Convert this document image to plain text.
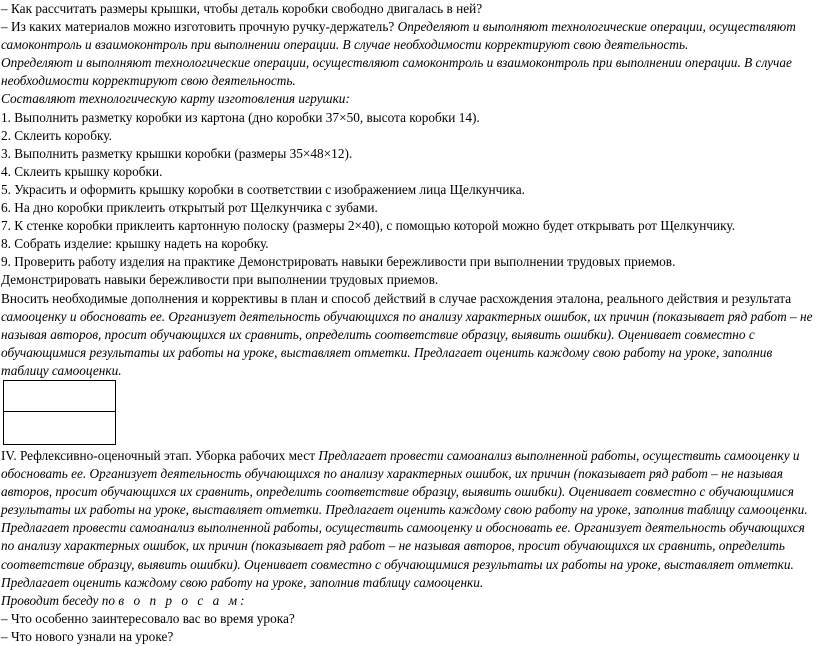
– Как рассчитать размеры крышки, чтобы деталь коробки свободно двигалась в ней?
– Из каких материалов можно изготовить прочную ручку-держатель? Определяют и выполняют технологические операции, осуществляют самоконтроль и взаимоконтроль при выполнении операции. В случае необходимости корректируют свою деятельность.
Определяют и выполняют технологические операции, осуществляют самоконтроль и взаимоконтроль при выполнении операции. В случае необходимости корректируют свою деятельность.
Составляют технологическую карту изготовления игрушки:
1. Выполнить разметку коробки из картона (дно коробки 37×50, высота коробки 14).
2. Склеить коробку.
3. Выполнить разметку крышки коробки (размеры 35×48×12).
4. Склеить крышку коробки.
5. Украсить и оформить крышку коробки в соответствии с изображением лица Щелкунчика.
6. На дно коробки приклеить открытый рот Щелкунчика с зубами.
7. К стенке коробки приклеить картонную полоску (размеры 2×40), с помощью которой можно будет открывать рот Щелкунчику.
8. Собрать изделие: крышку надеть на коробку.
9. Проверить работу изделия на практике Демонстрировать навыки бережливости при выполнении трудовых приемов.
Демонстрировать навыки бережливости при выполнении трудовых приемов.
Вносить необходимые дополнения и коррективы в план и способ действий в случае расхождения эталона, реального действия и результата
самооценку и обосновать ее. Организует деятельность обучающихся по анализу характерных ошибок, их причин (показывает ряд работ – не называя авторов, просит обучающихся их сравнить, определить соответствие образцу, выявить ошибки). Оценивает совместно с обучающимися результаты их работы на уроке, выставляет отметки. Предлагает оценить каждому свою работу на уроке, заполнив таблицу самооценки.
IV. Рефлексивно-оценочный этап. Уборка рабочих мест Предлагает провести самоанализ выполненной работы, осуществить самооценку и обосновать ее. Организует деятельность обучающихся по анализу характерных ошибок, их причин (показывает ряд работ – не называя авторов, просит обучающихся их сравнить, определить соответствие образцу, выявить ошибки). Оценивает совместно с обучающимися результаты их работы на уроке, выставляет отметки. Предлагает оценить каждому свою работу на уроке, заполнив таблицу самооценки. Предлагает провести самоанализ выполненной работы, осуществить самооценку и обосновать ее. Организует деятельность обучающихся по анализу характерных ошибок, их причин (показывает ряд работ – не называя авторов, просит обучающихся их сравнить, определить соответствие образцу, выявить ошибки). Оценивает совместно с обучающимися результаты их работы на уроке, выставляет отметки. Предлагает оценить каждому свою работу на уроке, заполнив таблицу самооценки.
Проводит беседу по в о п р о с а м:
– Что особенно заинтересовало вас во время урока?
– Что нового узнали на уроке?
